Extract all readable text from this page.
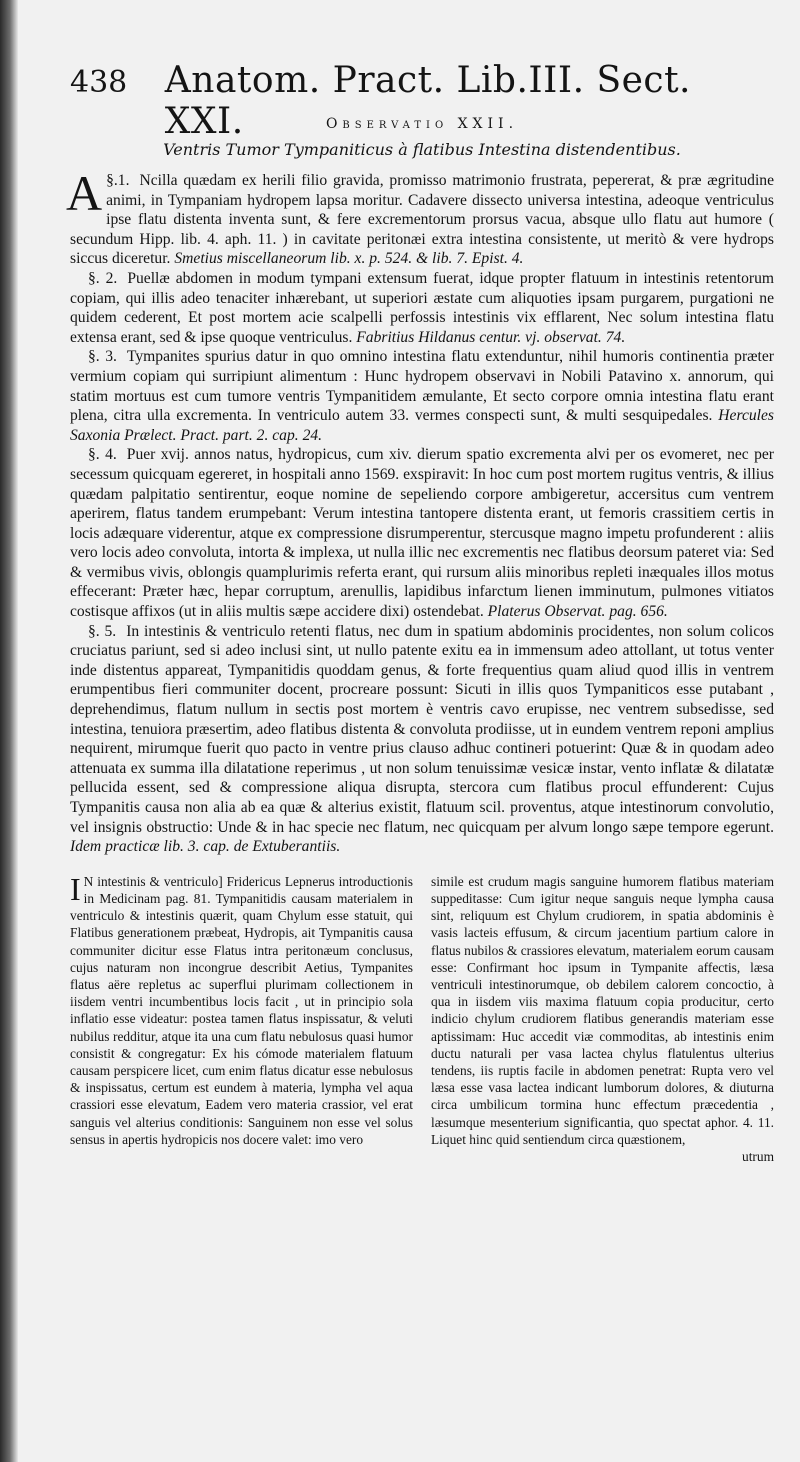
438	Anatom. Pract. Lib.III. Sect. XXI.	Observatio XXII.
Ventris Tumor Tympaniticus à flatibus Intestina distendentibus.

§.1.
A Ncilla quædam ex herili filio gravida, promisso matrimonio frustrata, pepererat, & præ ægritudine animi, in Tympaniam hydropem lapsa moritur. Cadavere dissecto universa intestina, adeoque ventriculus ipse flatu distenta inventa sunt, & fere excrementorum prorsus vacua, absque ullo flatu aut humore ( secundum Hipp. lib. 4. aph. 11. ) in cavitate peritonæi extra intestina consistente, ut meritò & vere hydrops siccus diceretur. Smetius miscellaneorum lib. x. p. 524. & lib. 7. Epist. 4.

§. 2. Puellæ abdomen in modum tympani extensum fuerat, idque propter flatuum in intestinis retentorum copiam, qui illis adeo tenaciter inhærebant, ut superiori æstate cum aliquoties ipsam purgarem, purgationi ne quidem cederent, Et post mortem acie scalpelli perfossis intestinis vix efflarent, Nec solum intestina flatu extensa erant, sed & ipse quoque ventriculus. Fabritius Hildanus centur. vj. observat. 74.

§. 3. Tympanites spurius datur in quo omnino intestina flatu extenduntur, nihil humoris continentia præter vermium copiam qui surripiunt alimentum : Hunc hydropem observavi in Nobili Patavino x. annorum, qui statim mortuus est cum tumore ventris Tympanitidem æmulante, Et secto corpore omnia intestina flatu erant plena, citra ulla excrementa. In ventriculo autem 33. vermes conspecti sunt, & multi sesquipedales. Hercules Saxonia Prælect. Pract. part. 2. cap. 24.

§. 4. Puer xvij. annos natus, hydropicus, cum xiv. dierum spatio excrementa alvi per os evomeret, nec per secessum quicquam egereret, in hospitali anno 1569. exspiravit: In hoc cum post mortem rugitus ventris, & illius quædam palpitatio sentirentur, eoque nomine de sepeliendo corpore ambigeretur, accersitus cum ventrem aperirem, flatus tandem erumpebant: Verum intestina tantopere distenta erant, ut femoris crassitiem certis in locis adæquare viderentur, atque ex compressione disrumperentur, stercusque magno impetu profunderent : aliis vero locis adeo convoluta, intorta & implexa, ut nulla illic nec excrementis nec flatibus deorsum pateret via: Sed & vermibus vivis, oblongis quamplurimis referta erant, qui rursum aliis minoribus repleti inæquales illos motus effecerant: Præter hæc, hepar corruptum, arenullis, lapidibus infarctum lienen imminutum, pulmones vitiatos costisque affixos (ut in aliis multis sæpe accidere dixi) ostendebat. Platerus Observat. pag. 656.

§. 5. In intestinis & ventriculo retenti flatus, nec dum in spatium abdominis procidentes, non solum colicos cruciatus pariunt, sed si adeo inclusi sint, ut nullo patente exitu ea in immensum adeo attollant, ut totus venter inde distentus appareat, Tympanitidis quoddam genus, & forte frequentius quam aliud quod illis in ventrem erumpentibus fieri communiter docent, procreare possunt: Sicuti in illis quos Tympaniticos esse putabant , deprehendimus, flatum nullum in sectis post mortem è ventris cavo erupisse, nec ventrem subsedisse, sed intestina, tenuiora præsertim, adeo flatibus distenta & convoluta prodiisse, ut in eundem ventrem reponi amplius nequirent, mirumque fuerit quo pacto in ventre prius clauso adhuc contineri potuerint: Quæ & in quodam adeo attenuata ex summa illa dilatatione reperimus , ut non solum tenuissimæ vesicæ instar, vento inflatæ & dilatatæ pellucida essent, sed & compressione aliqua disrupta, stercora cum flatibus procul effunderent: Cujus Tympanitis causa non alia ab ea quæ & alterius existit, flatuum scil. proventus, atque intestinorum convolutio, vel insignis obstructio: Unde & in hac specie nec flatum, nec quicquam per alvum longo sæpe tempore egerunt. Idem practicæ lib. 3. cap. de Extuberantiis.

I N intestinis & ventriculo] Fridericus Lepnerus introductionis in Medicinam pag. 81. Tympanitidis causam materialem in ventriculo & intestinis quærit, quam Chylum esse statuit, qui Flatibus generationem præbeat, Hydropis, ait Tympanitis causa communiter dicitur esse Flatus intra peritonæum conclusus, cujus naturam non incongrue describit Aetius, Tympanites flatus aëre repletus ac superflui plurimam collectionem in iisdem ventri incumbentibus locis facit , ut in principio sola inflatio esse videatur: postea tamen flatus inspissatur, & veluti nubilus redditur, atque ita una cum flatu nebulosus quasi humor consistit & congregatur: Ex his cómode materialem flatuum causam perspicere licet, cum enim flatus dicatur esse nebulosus & inspissatus, certum est eundem à materia, lympha vel aqua crassiori esse elevatum, Eadem vero materia crassior, vel erat sanguis vel alterius conditionis: Sanguinem non esse vel solus sensus in apertis hydropicis nos docere valet: imo vero

simile est crudum magis sanguine humorem flatibus materiam suppeditasse: Cum igitur neque sanguis neque lympha causa sint, reliquum est Chylum crudiorem, in spatia abdominis è vasis lacteis effusum, & circum jacentium partium calore in flatus nubilos & crassiores elevatum, materialem eorum causam esse: Confirmant hoc ipsum in Tympanite affectis, læsa ventriculi intestinorumque, ob debilem calorem concoctio, à qua in iisdem viis maxima flatuum copia producitur, certo indicio chylum crudiorem flatibus generandis materiam esse aptissimam: Huc accedit viæ commoditas, ab intestinis enim ductu naturali per vasa lactea chylus flatulentus ulterius tendens, iis ruptis facile in abdomen penetrat: Rupta vero vel læsa esse vasa lactea indicant lumborum dolores, & diuturna circa umbilicum tormina hunc effectum præcedentia , læsumque mesenterium significantia, quo spectat aphor. 4. 11. Liquet hinc quid sentiendum circa quæstionem,

utrum
